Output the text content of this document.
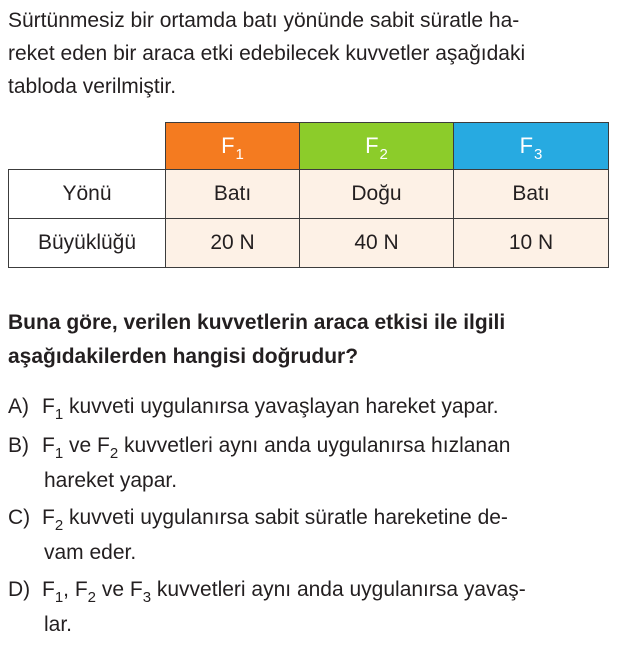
Sürtünmesiz bir ortamda batı yönünde sabit süratle ha-
reket eden bir araca etki edebilecek kuvvetler aşağıdaki
tabloda verilmiştir.
	$F_1$	$F_2$	$F_3$
Yönü	Batı	Doğu	Batı
Büyüklüğü	20 N	40 N	10 N
Buna göre, verilen kuvvetlerin araca etkisi ile ilgili
aşağıdakilerden hangisi doğrudur?
A) $F_1$ kuvveti uygulanırsa yavaşlayan hareket yapar.
B) $F_1$ ve $F_2$ kuvvetleri aynı anda uygulanırsa hızlanan
hareket yapar.
C) $F_2$ kuvveti uygulanırsa sabit süratle hareketine de-
vam eder.
D) $F_1$, $F_2$ ve $F_3$ kuvvetleri aynı anda uygulanırsa yavaş-
lar.
